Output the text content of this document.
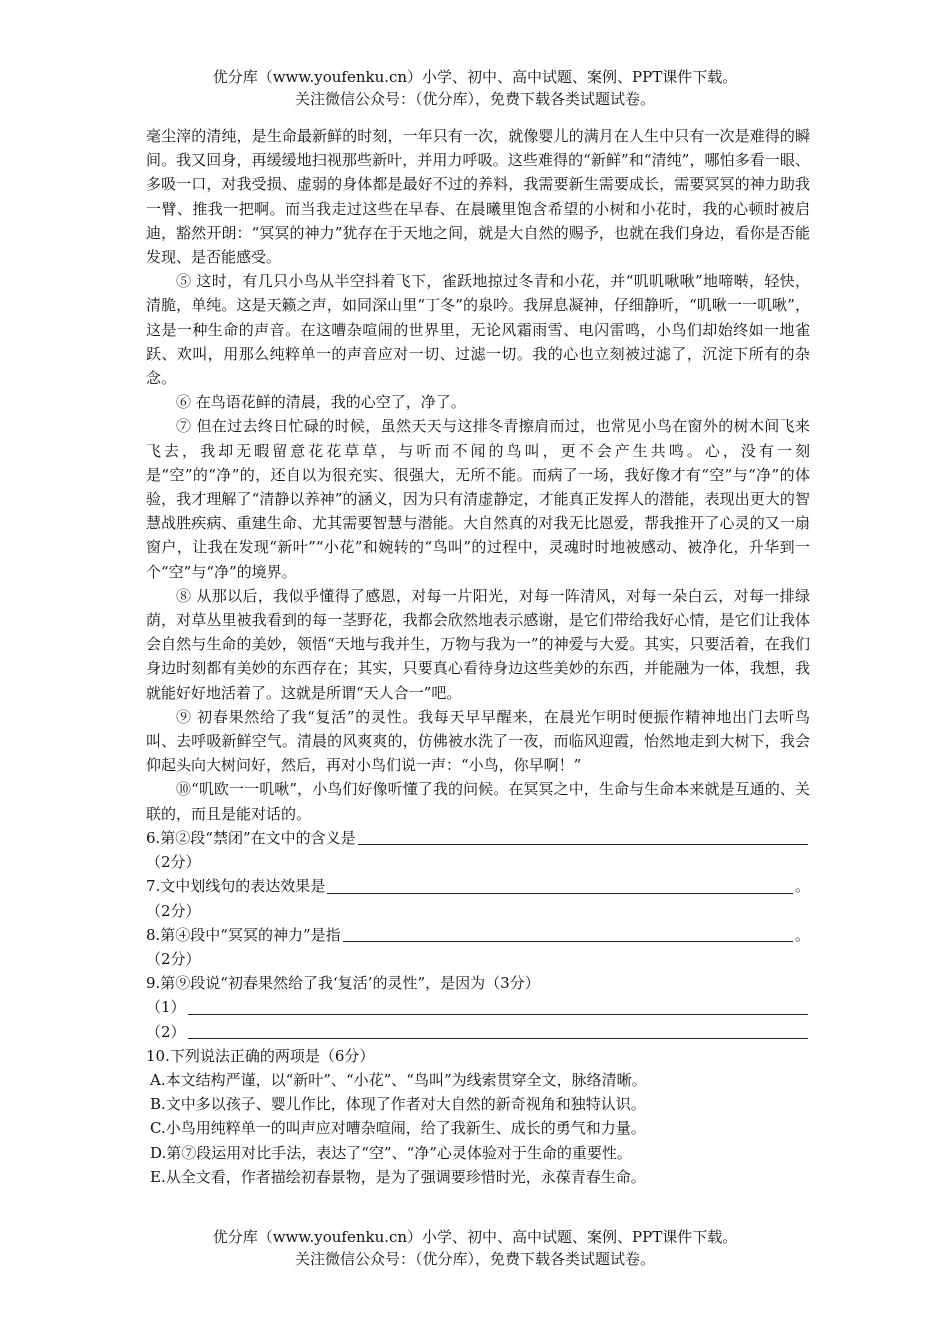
优分库（www.youfenku.cn）小学、初中、高中试题、案例、PPT课件下载。
关注微信公众号：（优分库），免费下载各类试题试卷。

毫尘滓的清纯，是生命最新鲜的时刻，一年只有一次，就像婴儿的满月在人生中只有一次是难得的瞬间。我又回身，再缓缓地扫视那些新叶，并用力呼吸。这些难得的“新鲜”和“清纯”，哪怕多看一眼、多吸一口，对我受损、虚弱的身体都是最好不过的养料，我需要新生需要成长，需要冥冥的神力助我一臂、推我一把啊。而当我走过这些在早春、在晨曦里饱含希望的小树和小花时，我的心顿时被启迪，豁然开朗：“冥冥的神力”犹存在于天地之间，就是大自然的赐予，也就在我们身边，看你是否能发现、是否能感受。

⑤ 这时，有几只小鸟从半空抖着飞下，雀跃地掠过冬青和小花，并“叽叽啾啾”地啼啭，轻快，清脆，单纯。这是天籁之声，如同深山里“丁冬”的泉吟。我屏息凝神，仔细静听，“叽啾一一叽啾”，这是一种生命的声音。在这嘈杂喧闹的世界里，无论风霜雨雪、电闪雷鸣，小鸟们却始终如一地雀跃、欢叫，用那么纯粹单一的声音应对一切、过滤一切。我的心也立刻被过滤了，沉淀下所有的杂念。

⑥ 在鸟语花鲜的清晨，我的心空了，净了。

⑦ 但在过去终日忙碌的时候，虽然天天与这排冬青擦肩而过，也常见小鸟在窗外的树木间飞来飞去，我却无暇留意花花草草，与听而不闻的鸟叫，更不会产生共鸣。心，没有一刻是“空”的“净”的，还自以为很充实、很强大，无所不能。而病了一场，我好像才有“空”与“净”的体验，我才理解了“清静以养神”的涵义，因为只有清虚静定，才能真正发挥人的潜能，表现出更大的智慧战胜疾病、重建生命、尤其需要智慧与潜能。大自然真的对我无比恩爱，帮我推开了心灵的又一扇窗户，让我在发现“新叶”“小花”和婉转的“鸟叫”的过程中，灵魂时时地被感动、被净化，升华到一个“空”与“净”的境界。

⑧ 从那以后，我似乎懂得了感恩，对每一片阳光，对每一阵清风，对每一朵白云，对每一排绿荫，对草丛里被我看到的每一茎野花，我都会欣然地表示感谢，是它们带给我好心情，是它们让我体会自然与生命的美妙，领悟“天地与我并生，万物与我为一”的神爱与大爱。其实，只要活着，在我们身边时刻都有美妙的东西存在；其实，只要真心看待身边这些美妙的东西，并能融为一体，我想，我就能好好地活着了。这就是所谓“天人合一”吧。

⑨ 初春果然给了我“复活”的灵性。我每天早早醒来，在晨光乍明时便振作精神地出门去听鸟叫、去呼吸新鲜空气。清晨的风爽爽的，仿佛被水洗了一夜，而临风迎霞，怡然地走到大树下，我会仰起头向大树问好，然后，再对小鸟们说一声：“小鸟，你早啊！”

⑩“叽欧一一叽啾”，小鸟们好像听懂了我的问候。在冥冥之中，生命与生命本来就是互通的、关联的，而且是能对话的。

6.第②段“禁闭”在文中的含义是

（2分）

7.文中划线句的表达效果是	。

（2分）

8.第④段中“冥冥的神力”是指	。

（2分）

9.第⑨段说“初春果然给了我‘复活’的灵性”，是因为（3分）

（1）
（2）

10.下列说法正确的两项是（6分）

A.本文结构严谨，以“新叶”、“小花”、“鸟叫”为线索贯穿全文，脉络清晰。

B.文中多以孩子、婴儿作比，体现了作者对大自然的新奇视角和独特认识。

C.小鸟用纯粹单一的叫声应对嘈杂喧闹，给了我新生、成长的勇气和力量。

D.第⑦段运用对比手法，表达了“空”、“净”心灵体验对于生命的重要性。

E.从全文看，作者描绘初春景物，是为了强调要珍惜时光，永葆青春生命。

优分库（www.youfenku.cn）小学、初中、高中试题、案例、PPT课件下载。
关注微信公众号：（优分库），免费下载各类试题试卷。
